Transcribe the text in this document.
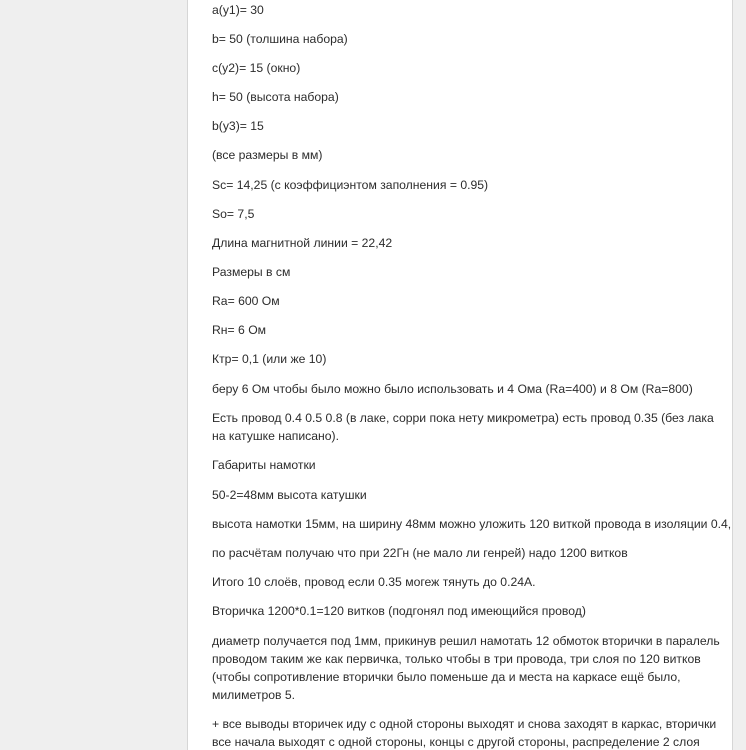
a(y1)= 30

b= 50 (толшина набора)

c(y2)= 15 (окно)

h= 50 (высота набора)

b(y3)= 15

(все размеры в мм)

Sc= 14,25 (с коэффициэнтом заполнения = 0.95)

So= 7,5

Длина магнитной линии = 22,42

Размеры в см

Ra= 600 Ом

Rн= 6 Ом

Ктр= 0,1 (или же 10)

беру 6 Ом чтобы было можно было использовать и 4 Ома (Ra=400) и 8 Ом (Ra=800)

Есть провод 0.4 0.5 0.8 (в лаке, сорри пока нету микрометра) есть провод 0.35 (без лака на катушке написано).

Габариты намотки

50-2=48мм высота катушки

высота намотки 15мм, на ширину 48мм можно уложить 120 виткой провода в изоляции 0.4,

по расчётам получаю что при 22Гн (не мало ли генрей) надо 1200 витков

Итого 10 слоёв, провод если 0.35 могеж тянуть до 0.24А.

Вторичка 1200*0.1=120 витков (подгонял под имеющийся провод)

диаметр получается под 1мм, прикинув решил намотать 12 обмоток вторички в паралель проводом таким же как первичка, только чтобы в три провода, три слоя по 120 витков (чтобы сопротивление вторички было поменьше да и места на каркасе ещё было, милиметров 5.

+ все выводы вторичек иду с одной стороны выходят и снова заходят в каркас, вторички все начала выходят с одной стороны, концы с другой стороны, распределение 2 слоя
